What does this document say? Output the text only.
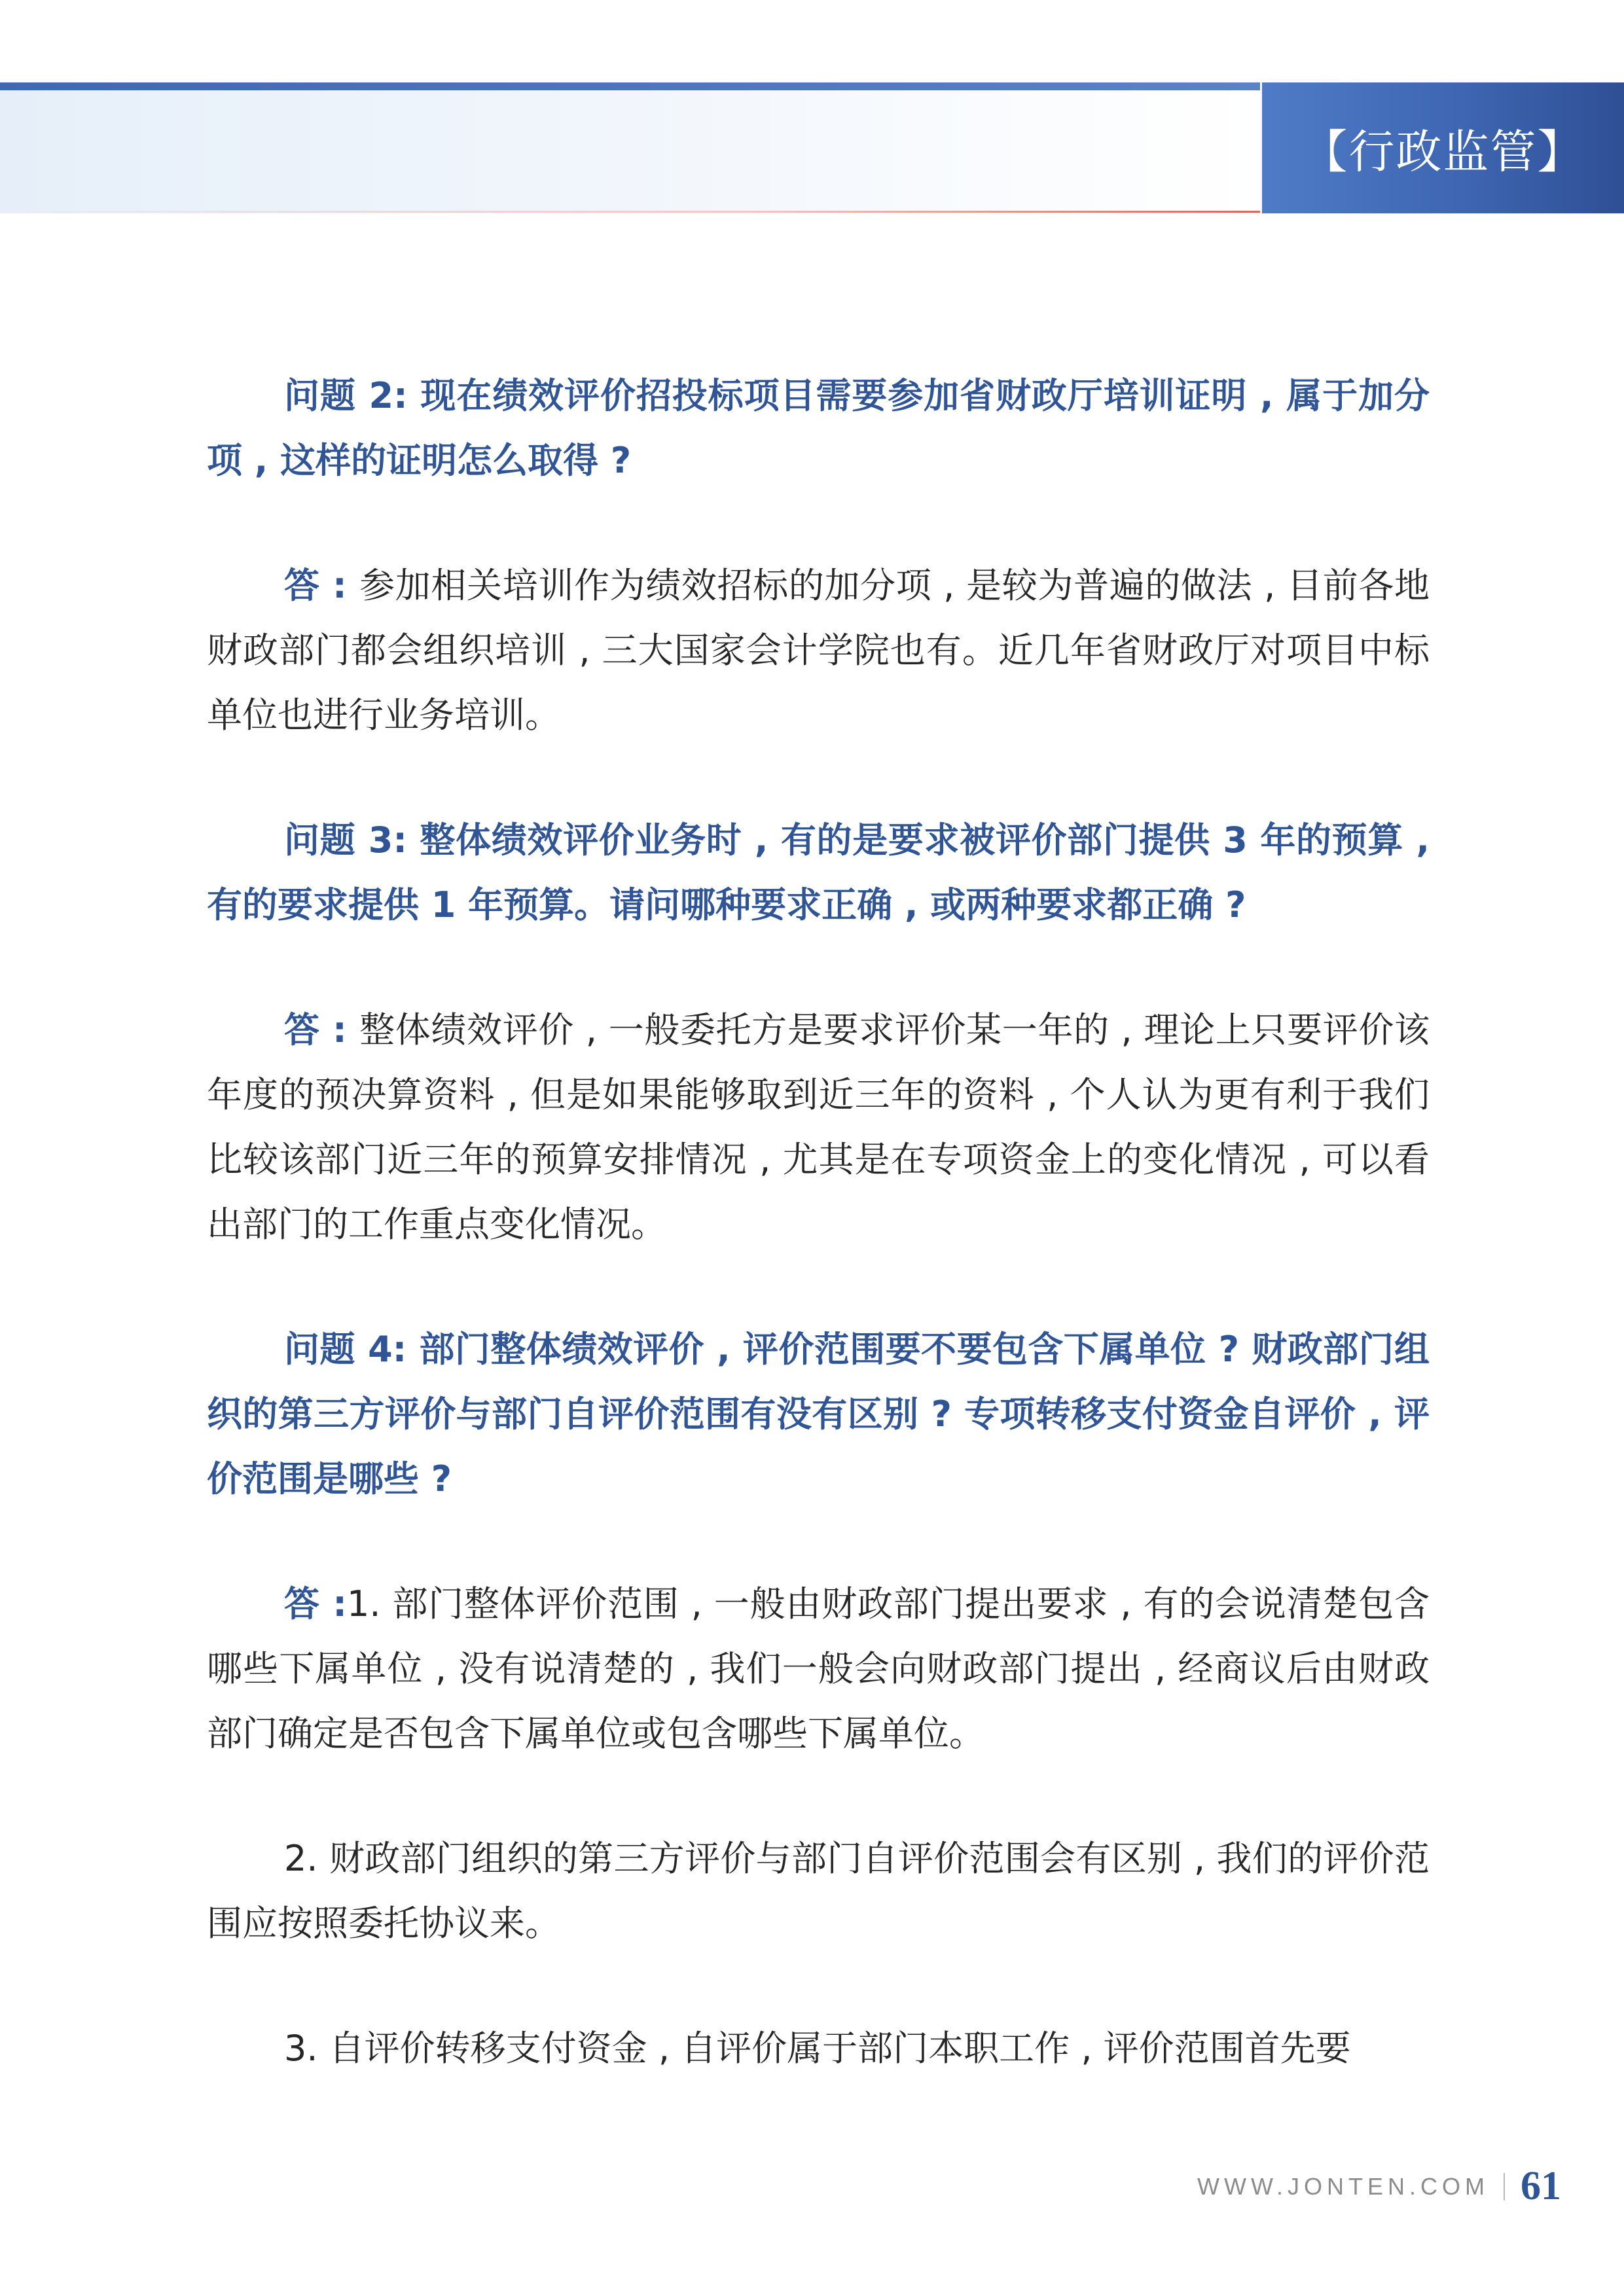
【行政监管】

问题 2: 现在绩效评价招投标项目需要参加省财政厅培训证明 , 属于加分项 , 这样的证明怎么取得 ?

答 : 参加相关培训作为绩效招标的加分项 , 是较为普遍的做法 , 目前各地财政部门都会组织培训 , 三大国家会计学院也有。近几年省财政厅对项目中标单位也进行业务培训。

问题 3: 整体绩效评价业务时 , 有的是要求被评价部门提供 3 年的预算 , 有的要求提供 1 年预算。请问哪种要求正确 , 或两种要求都正确 ?

答 : 整体绩效评价 , 一般委托方是要求评价某一年的 , 理论上只要评价该年度的预决算资料 , 但是如果能够取到近三年的资料 , 个人认为更有利于我们比较该部门近三年的预算安排情况 , 尤其是在专项资金上的变化情况 , 可以看出部门的工作重点变化情况。

问题 4: 部门整体绩效评价 , 评价范围要不要包含下属单位 ? 财政部门组织的第三方评价与部门自评价范围有没有区别 ? 专项转移支付资金自评价 , 评价范围是哪些 ?

答 :1. 部门整体评价范围 , 一般由财政部门提出要求 , 有的会说清楚包含哪些下属单位 , 没有说清楚的 , 我们一般会向财政部门提出 , 经商议后由财政部门确定是否包含下属单位或包含哪些下属单位。

2. 财政部门组织的第三方评价与部门自评价范围会有区别 , 我们的评价范围应按照委托协议来。

3. 自评价转移支付资金 , 自评价属于部门本职工作 , 评价范围首先要

WWW.JONTEN.COM 61
